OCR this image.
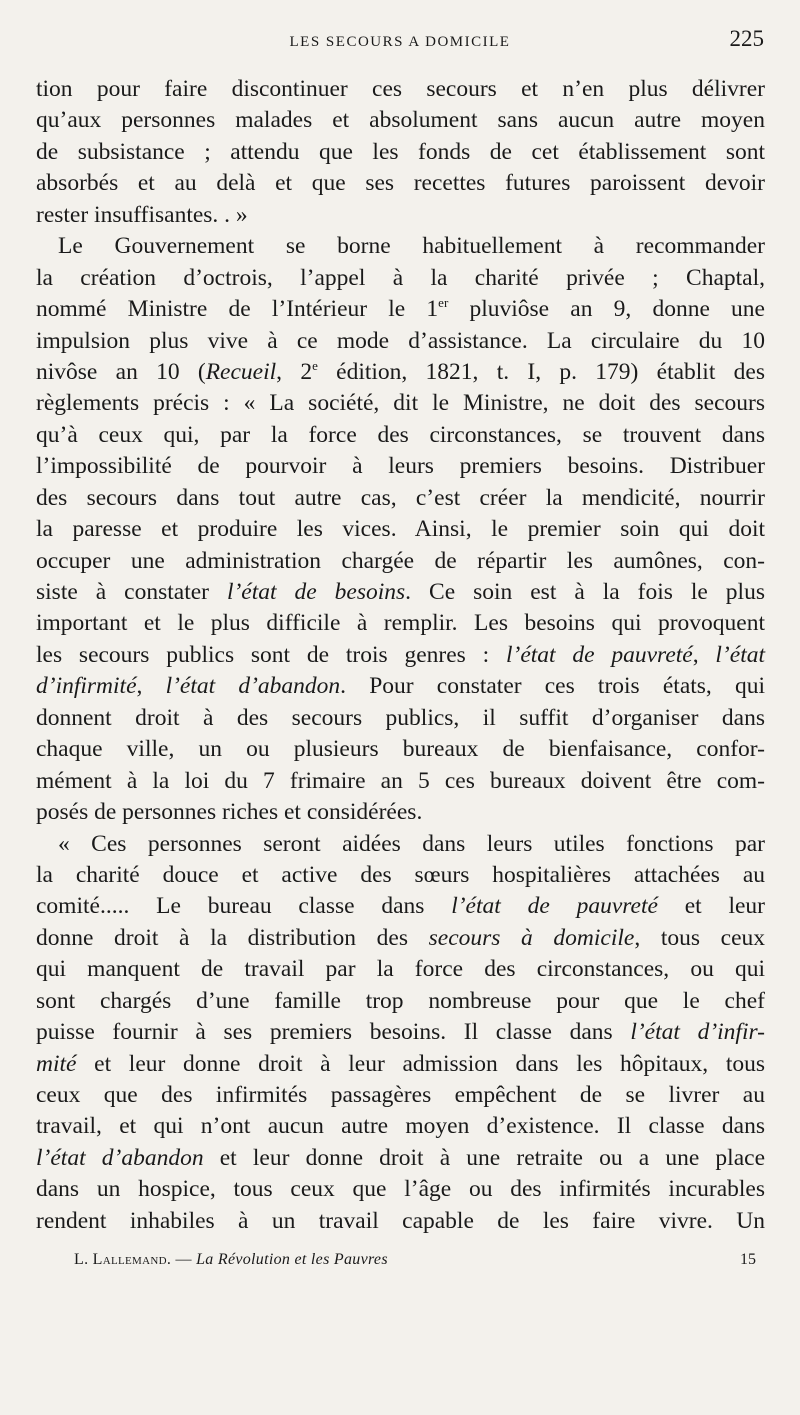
LES SECOURS A DOMICILE	225
tion pour faire discontinuer ces secours et n’en plus délivrer
qu’aux personnes malades et absolument sans aucun autre moyen
de subsistance ; attendu que les fonds de cet établissement sont
absorbés et au delà et que ses recettes futures paroissent devoir
rester insuffisantes. . »
Le Gouvernement se borne habituellement à recommander
la création d’octrois, l’appel à la charité privée ; Chaptal,
nommé Ministre de l’Intérieur le 1er pluviôse an 9, donne une
impulsion plus vive à ce mode d’assistance. La circulaire du 10
nivôse an 10 (Recueil, 2e édition, 1821, t. I, p. 179) établit des
règlements précis : « La société, dit le Ministre, ne doit des secours
qu’à ceux qui, par la force des circonstances, se trouvent dans
l’impossibilité de pourvoir à leurs premiers besoins. Distribuer
des secours dans tout autre cas, c’est créer la mendicité, nourrir
la paresse et produire les vices. Ainsi, le premier soin qui doit
occuper une administration chargée de répartir les aumônes, con-
siste à constater l’état de besoins. Ce soin est à la fois le plus
important et le plus difficile à remplir. Les besoins qui provoquent
les secours publics sont de trois genres : l’état de pauvreté, l’état
d’infirmité, l’état d’abandon. Pour constater ces trois états, qui
donnent droit à des secours publics, il suffit d’organiser dans
chaque ville, un ou plusieurs bureaux de bienfaisance, confor-
mément à la loi du 7 frimaire an 5 ces bureaux doivent être com-
posés de personnes riches et considérées.
« Ces personnes seront aidées dans leurs utiles fonctions par
la charité douce et active des sœurs hospitalières attachées au
comité..... Le bureau classe dans l’état de pauvreté et leur
donne droit à la distribution des secours à domicile, tous ceux
qui manquent de travail par la force des circonstances, ou qui
sont chargés d’une famille trop nombreuse pour que le chef
puisse fournir à ses premiers besoins. Il classe dans l’état d’infir-
mité et leur donne droit à leur admission dans les hôpitaux, tous
ceux que des infirmités passagères empêchent de se livrer au
travail, et qui n’ont aucun autre moyen d’existence. Il classe dans
l’état d’abandon et leur donne droit à une retraite ou a une place
dans un hospice, tous ceux que l’âge ou des infirmités incurables
rendent inhabiles à un travail capable de les faire vivre. Un
L. Lallemand. — La Révolution et les Pauvres	15
